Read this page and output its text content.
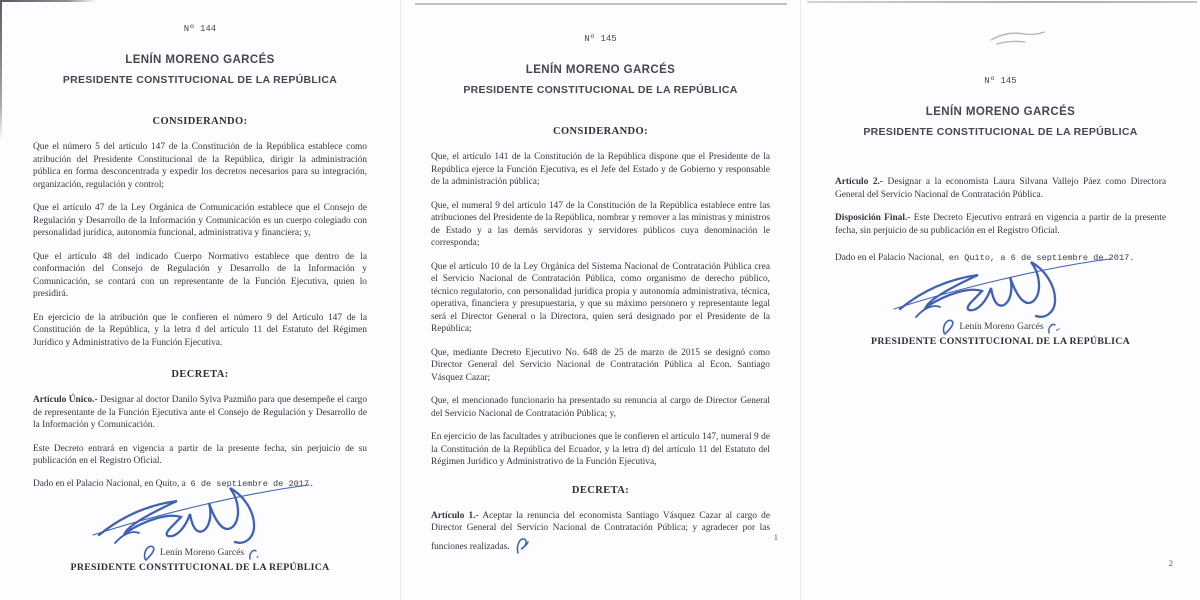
Nº 144

LENÍN MORENO GARCÉS

PRESIDENTE CONSTITUCIONAL DE LA REPÚBLICA

CONSIDERANDO:

Que el número 5 del artículo 147 de la Constitución de la República establece como atribución del Presidente Constitucional de la República, dirigir la administración pública en forma desconcentrada y expedir los decretos necesarios para su integración, organización, regulación y control;

Que el artículo 47 de la Ley Orgánica de Comunicación establece que el Consejo de Regulación y Desarrollo de la Información y Comunicación es un cuerpo colegiado con personalidad jurídica, autonomía funcional, administrativa y financiera; y,

Que el artículo 48 del indicado Cuerpo Normativo establece que dentro de la conformación del Consejo de Regulación y Desarrollo de la Información y Comunicación, se contará con un representante de la Función Ejecutiva, quien lo presidirá.

En ejercicio de la atribución que le confieren el número 9 del Artículo 147 de la Constitución de la República, y la letra d del artículo 11 del Estatuto del Régimen Jurídico y Administrativo de la Función Ejecutiva.

DECRETA:

Artículo Único.- Designar al doctor Danilo Sylva Pazmiño para que desempeñe el cargo de representante de la Función Ejecutiva ante el Consejo de Regulación y Desarrollo de la Información y Comunicación.

Este Decreto entrará en vigencia a partir de la presente fecha, sin perjuicio de su publicación en el Registro Oficial.

Dado en el Palacio Nacional, en Quito, a 6 de septiembre de 2017.

Lenín Moreno Garcés
PRESIDENTE CONSTITUCIONAL DE LA REPÚBLICA

Nº 145

LENÍN MORENO GARCÉS

PRESIDENTE CONSTITUCIONAL DE LA REPÚBLICA

CONSIDERANDO:

Que, el artículo 141 de la Constitución de la República dispone que el Presidente de la República ejerce la Función Ejecutiva, es el Jefe del Estado y de Gobierno y responsable de la administración pública;

Que, el numeral 9 del artículo 147 de la Constitución de la República establece entre las atribuciones del Presidente de la República, nombrar y remover a las ministras y ministros de Estado y a las demás servidoras y servidores públicos cuya denominación le corresponda;

Que el artículo 10 de la Ley Orgánica del Sistema Nacional de Contratación Pública crea el Servicio Nacional de Contratación Pública, como organismo de derecho público, técnico regulatorio, con personalidad jurídica propia y autonomía administrativa, técnica, operativa, financiera y presupuestaria, y que su máximo personero y representante legal será el Director General o la Directora, quien será designado por el Presidente de la República;

Que, mediante Decreto Ejecutivo No. 648 de 25 de marzo de 2015 se designó como Director General del Servicio Nacional de Contratación Pública al Econ. Santiago Vásquez Cazar;

Que, el mencionado funcionario ha presentado su renuncia al cargo de Director General del Servicio Nacional de Contratación Pública; y,

En ejercicio de las facultades y atribuciones que le confieren el artículo 147, numeral 9 de la Constitución de la República del Ecuador, y la letra d) del artículo 11 del Estatuto del Régimen Jurídico y Administrativo de la Función Ejecutiva,

DECRETA:

Artículo 1.- Aceptar la renuncia del economista Santiago Vásquez Cazar al cargo de Director General del Servicio Nacional de Contratación Pública; y agradecer por las funciones realizadas.

1

Nº 145

LENÍN MORENO GARCÉS

PRESIDENTE CONSTITUCIONAL DE LA REPÚBLICA

Artículo 2.- Designar a la economista Laura Silvana Vallejo Páez como Directora General del Servicio Nacional de Contratación Pública.

Disposición Final.- Este Decreto Ejecutivo entrará en vigencia a partir de la presente fecha, sin perjuicio de su publicación en el Registro Oficial.

Dado en el Palacio Nacional, en Quito, a 6 de septiembre de 2017.

Lenín Moreno Garcés
PRESIDENTE CONSTITUCIONAL DE LA REPÚBLICA
2
